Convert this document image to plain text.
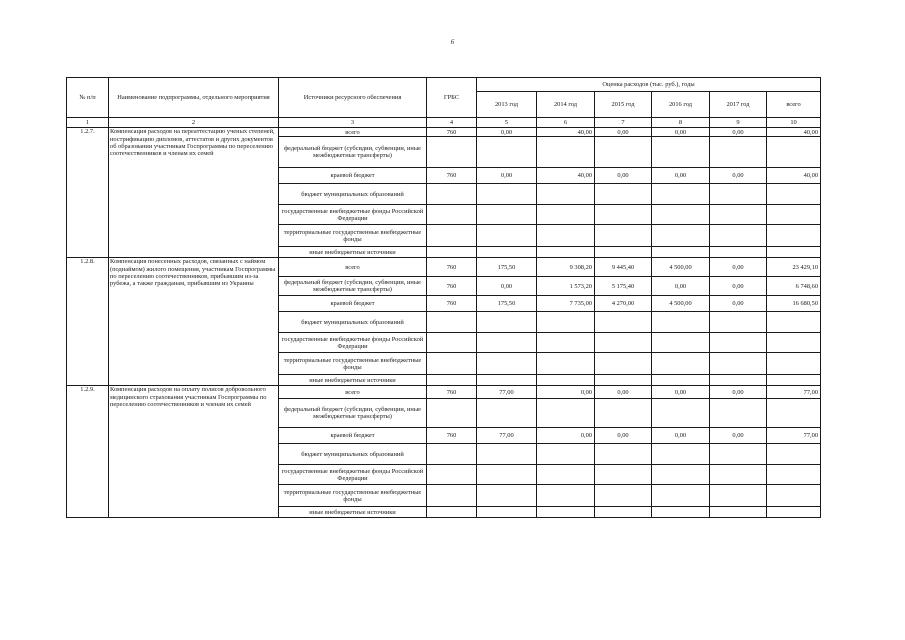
6
№ п/п	Наименование подпрограммы, отдельного мероприятия	Источники ресурсного обеспечения	ГРБС	Оценка расходов (тыс. руб.), годы					
				2013 год	2014 год	2015 год	2016 год	2017 год	всего
1	2	3	4	5	6	7	8	9	10
1.2.7.	Компенсация расходов на переаттестацию ученых степеней, нострификацию дипломов, аттестатов и других документов об образовании участникам Госпрограммы по переселению соотечественников и членам их семей	всего	760	0,00	40,00	0,00	0,00	0,00	40,00
		федеральный бюджет (субсидии, субвенции, иные межбюджетные трансферты)							
		краевой бюджет	760	0,00	40,00	0,00	0,00	0,00	40,00
		бюджет муниципальных образований							
		государственные внебюджетные фонды Российской Федерации							
		территориальные государственные внебюджетные фонды							
		иные внебюджетные источники							
1.2.8.	Компенсация понесенных расходов, связанных с наймом (поднаймом) жилого помещения, участникам Госпрограммы по переселению соотечественников, прибывшим из-за рубежа, а также гражданам, прибывшим из Украины	всего	760	175,50	9 308,20	9 445,40	4 500,00	0,00	23 429,10
		федеральный бюджет (субсидии, субвенции, иные межбюджетные трансферты)	760	0,00	1 573,20	5 175,40	0,00	0,00	6 748,60
		краевой бюджет	760	175,50	7 735,00	4 270,00	4 500,00	0,00	16 680,50
		бюджет муниципальных образований							
		государственные внебюджетные фонды Российской Федерации							
		территориальные государственные внебюджетные фонды							
		иные внебюджетные источники							
1.2.9.	Компенсация расходов на оплату полисов добровольного медицинского страхования участникам Госпрограммы по переселению соотечественников и членам их семей	всего	760	77,00	0,00	0,00	0,00	0,00	77,00
		федеральный бюджет (субсидии, субвенции, иные межбюджетные трансферты)							
		краевой бюджет	760	77,00	0,00	0,00	0,00	0,00	77,00
		бюджет муниципальных образований							
		государственные внебюджетные фонды Российской Федерации							
		территориальные государственные внебюджетные фонды							
		иные внебюджетные источники							
